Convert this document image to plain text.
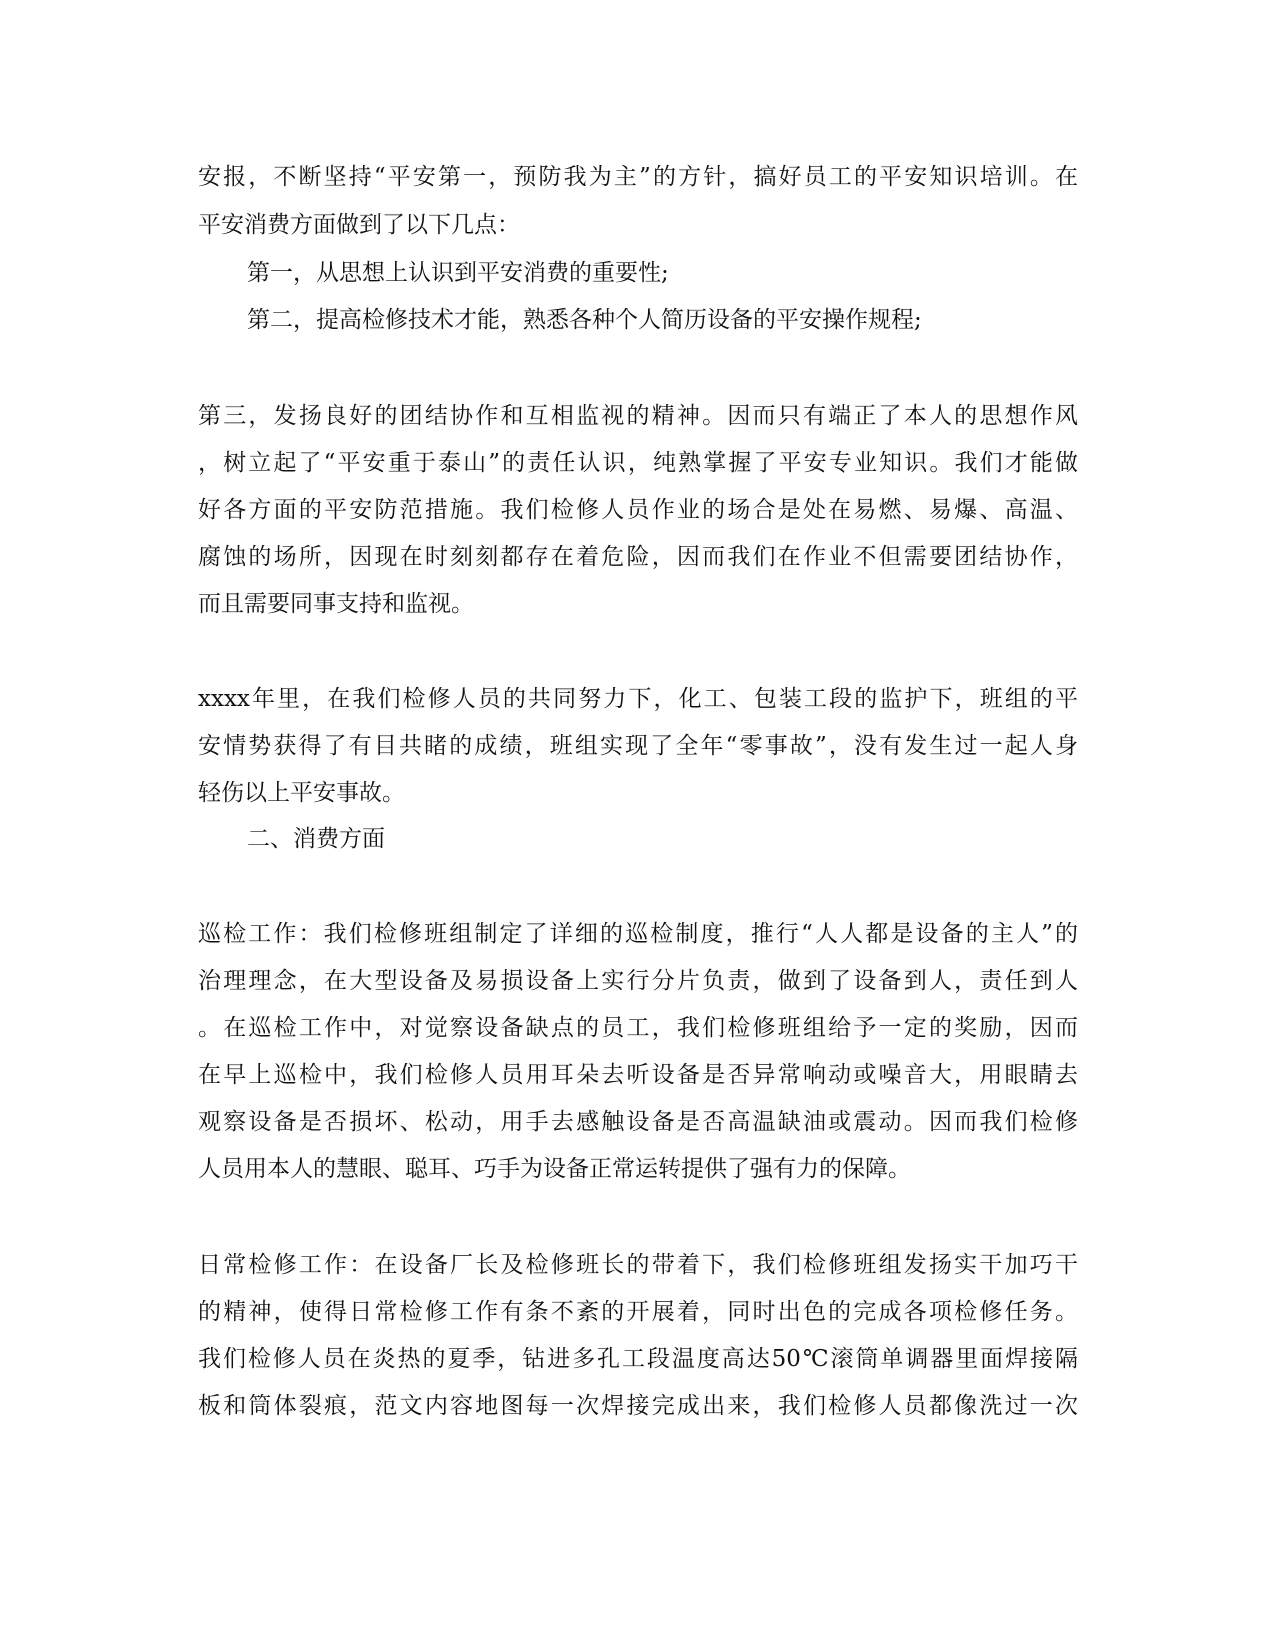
安报，不断坚持“平安第一，预防我为主”的方针，搞好员工的平安知识培训。在
平安消费方面做到了以下几点：
第一，从思想上认识到平安消费的重要性;
第二，提高检修技术才能，熟悉各种个人简历设备的平安操作规程;
第三，发扬良好的团结协作和互相监视的精神。因而只有端正了本人的思想作风
，树立起了“平安重于泰山”的责任认识，纯熟掌握了平安专业知识。我们才能做
好各方面的平安防范措施。我们检修人员作业的场合是处在易燃、易爆、高温、
腐蚀的场所，因现在时刻刻都存在着危险，因而我们在作业不但需要团结协作，
而且需要同事支持和监视。
xxxx年里，在我们检修人员的共同努力下，化工、包装工段的监护下，班组的平
安情势获得了有目共睹的成绩，班组实现了全年“零事故”，没有发生过一起人身
轻伤以上平安事故。
二、消费方面
巡检工作：我们检修班组制定了详细的巡检制度，推行“人人都是设备的主人”的
治理理念，在大型设备及易损设备上实行分片负责，做到了设备到人，责任到人
。在巡检工作中，对觉察设备缺点的员工，我们检修班组给予一定的奖励，因而
在早上巡检中，我们检修人员用耳朵去听设备是否异常响动或噪音大，用眼睛去
观察设备是否损坏、松动，用手去感触设备是否高温缺油或震动。因而我们检修
人员用本人的慧眼、聪耳、巧手为设备正常运转提供了强有力的保障。
日常检修工作：在设备厂长及检修班长的带着下，我们检修班组发扬实干加巧干
的精神，使得日常检修工作有条不紊的开展着，同时出色的完成各项检修任务。
我们检修人员在炎热的夏季，钻进多孔工段温度高达50℃滚筒单调器里面焊接隔
板和筒体裂痕，范文内容地图每一次焊接完成出来，我们检修人员都像洗过一次
